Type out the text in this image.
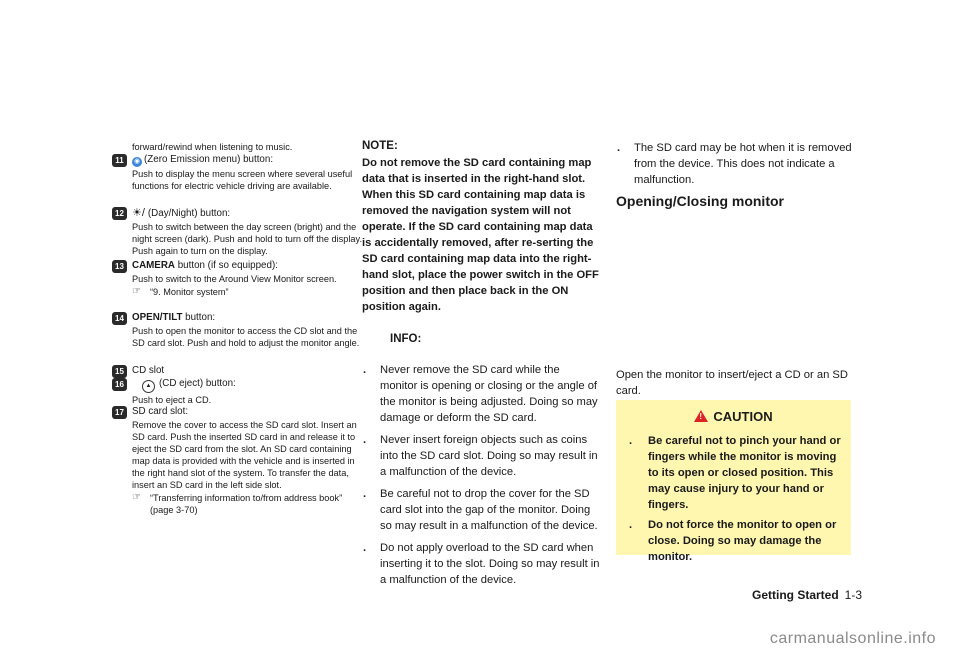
forward/rewind when listening to music.
11	◉ (Zero Emission menu) button:
Push to display the menu screen where several useful functions for electric vehicle driving are available.
12 ☀/ (Day/Night) button:
Push to switch between the day screen (bright) and the night screen (dark). Push and hold to turn off the display. Push again to turn on the display.
13 CAMERA button (if so equipped):
Push to switch to the Around View Monitor screen.
☞ “9. Monitor system”
14 OPEN/TILT button:
Push to open the monitor to access the CD slot and the SD card slot. Push and hold to adjust the monitor angle.
15 CD slot
16	▲ (CD eject) button:
Push to eject a CD.
17 SD card slot:
Remove the cover to access the SD card slot. Insert an SD card. Push the inserted SD card in and release it to eject the SD card from the slot. An SD card containing map data is provided with the vehicle and is inserted in the right hand slot of the system. To transfer the data, insert an SD card in the left side slot.
☞ “Transferring information to/from address book” (page 3-70)
NOTE:
Do not remove the SD card containing map data that is inserted in the right-hand slot. When this SD card containing map data is removed the navigation system will not operate. If the SD card containing map data is accidentally removed, after re-serting the SD card containing map data into the right-hand slot, place the power switch in the OFF position and then place back in the ON position again.
INFO:
. Never remove the SD card while the monitor is opening or closing or the angle of the monitor is being adjusted. Doing so may damage or deform the SD card.
. Never insert foreign objects such as coins into the SD card slot. Doing so may result in a malfunction of the device.
. Be careful not to drop the cover for the SD card slot into the gap of the monitor. Doing so may result in a malfunction of the device.
. Do not apply overload to the SD card when inserting it to the slot. Doing so may result in a malfunction of the device.
. The SD card may be hot when it is removed from the device. This does not indicate a malfunction.
Opening/Closing monitor
Open the monitor to insert/eject a CD or an SD card.
! CAUTION
. Be careful not to pinch your hand or fingers while the monitor is moving to its open or closed position. This may cause injury to your hand or fingers.
. Do not force the monitor to open or close. Doing so may damage the monitor.
Getting Started 1-3
carmanualsonline.info
